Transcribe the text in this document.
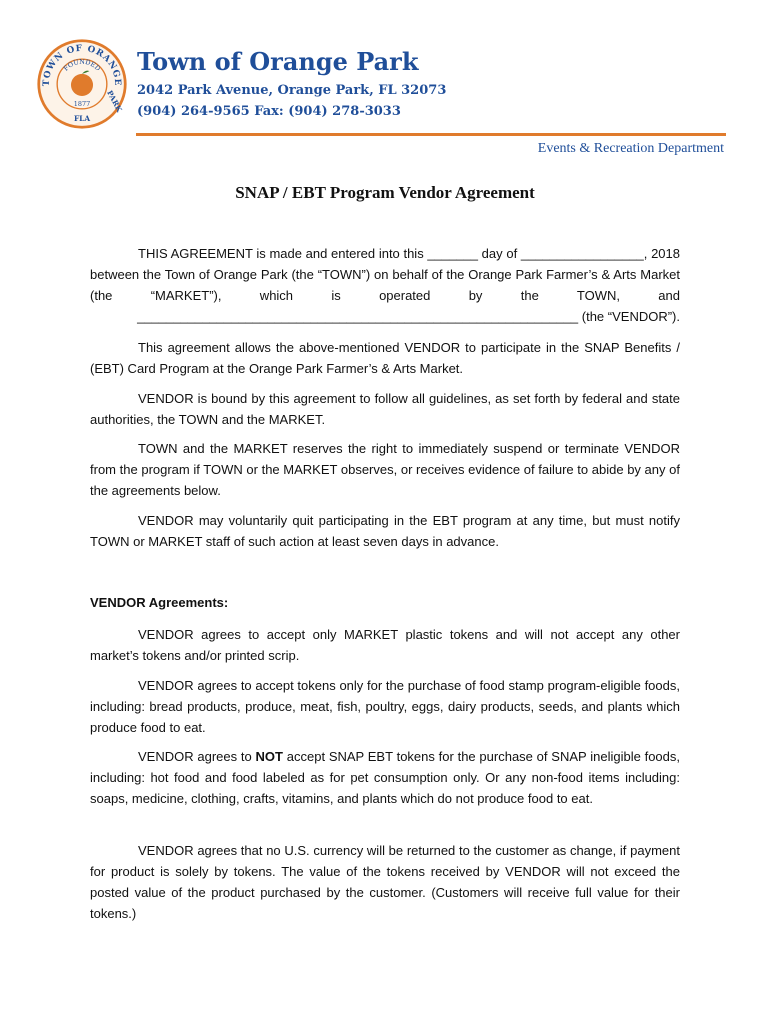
TOWN OF ORANGE
FOUNDED
PARK
1877
FLA
Town of Orange Park
2042 Park Avenue, Orange Park, FL 32073
(904) 264-9565 Fax: (904) 278-3033
Events & Recreation Department
SNAP / EBT Program Vendor Agreement

THIS AGREEMENT is made and entered into this _______ day of _________________, 2018 between the Town of Orange Park (the “TOWN”) on behalf of the Orange Park Farmer’s & Arts Market (the “MARKET”), which is operated by the TOWN, and

_____________________________________________________________ (the “VENDOR”).

This agreement allows the above-mentioned VENDOR to participate in the SNAP Benefits / (EBT) Card Program at the Orange Park Farmer’s & Arts Market.

VENDOR is bound by this agreement to follow all guidelines, as set forth by federal and state authorities, the TOWN and the MARKET.

TOWN and the MARKET reserves the right to immediately suspend or terminate VENDOR from the program if TOWN or the MARKET observes, or receives evidence of failure to abide by any of the agreements below.

VENDOR may voluntarily quit participating in the EBT program at any time, but must notify TOWN or MARKET staff of such action at least seven days in advance.

VENDOR Agreements:

VENDOR agrees to accept only MARKET plastic tokens and will not accept any other market’s tokens and/or printed scrip.

VENDOR agrees to accept tokens only for the purchase of food stamp program-eligible foods, including: bread products, produce, meat, fish, poultry, eggs, dairy products, seeds, and plants which produce food to eat.

VENDOR agrees to NOT accept SNAP EBT tokens for the purchase of SNAP ineligible foods, including: hot food and food labeled as for pet consumption only. Or any non-food items including: soaps, medicine, clothing, crafts, vitamins, and plants which do not produce food to eat.

VENDOR agrees that no U.S. currency will be returned to the customer as change, if payment for product is solely by tokens. The value of the tokens received by VENDOR will not exceed the posted value of the product purchased by the customer. (Customers will receive full value for their tokens.)
